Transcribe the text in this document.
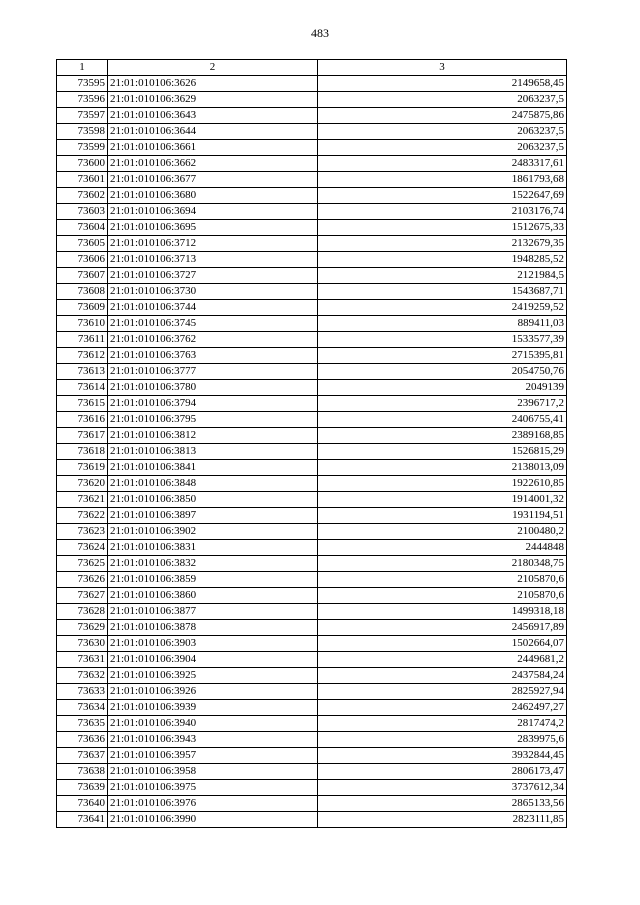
483
1	2	3
73595	21:01:010106:3626	2149658,45
73596	21:01:010106:3629	2063237,5
73597	21:01:010106:3643	2475875,86
73598	21:01:010106:3644	2063237,5
73599	21:01:010106:3661	2063237,5
73600	21:01:010106:3662	2483317,61
73601	21:01:010106:3677	1861793,68
73602	21:01:010106:3680	1522647,69
73603	21:01:010106:3694	2103176,74
73604	21:01:010106:3695	1512675,33
73605	21:01:010106:3712	2132679,35
73606	21:01:010106:3713	1948285,52
73607	21:01:010106:3727	2121984,5
73608	21:01:010106:3730	1543687,71
73609	21:01:010106:3744	2419259,52
73610	21:01:010106:3745	889411,03
73611	21:01:010106:3762	1533577,39
73612	21:01:010106:3763	2715395,81
73613	21:01:010106:3777	2054750,76
73614	21:01:010106:3780	2049139
73615	21:01:010106:3794	2396717,2
73616	21:01:010106:3795	2406755,41
73617	21:01:010106:3812	2389168,85
73618	21:01:010106:3813	1526815,29
73619	21:01:010106:3841	2138013,09
73620	21:01:010106:3848	1922610,85
73621	21:01:010106:3850	1914001,32
73622	21:01:010106:3897	1931194,51
73623	21:01:010106:3902	2100480,2
73624	21:01:010106:3831	2444848
73625	21:01:010106:3832	2180348,75
73626	21:01:010106:3859	2105870,6
73627	21:01:010106:3860	2105870,6
73628	21:01:010106:3877	1499318,18
73629	21:01:010106:3878	2456917,89
73630	21:01:010106:3903	1502664,07
73631	21:01:010106:3904	2449681,2
73632	21:01:010106:3925	2437584,24
73633	21:01:010106:3926	2825927,94
73634	21:01:010106:3939	2462497,27
73635	21:01:010106:3940	2817474,2
73636	21:01:010106:3943	2839975,6
73637	21:01:010106:3957	3932844,45
73638	21:01:010106:3958	2806173,47
73639	21:01:010106:3975	3737612,34
73640	21:01:010106:3976	2865133,56
73641	21:01:010106:3990	2823111,85
